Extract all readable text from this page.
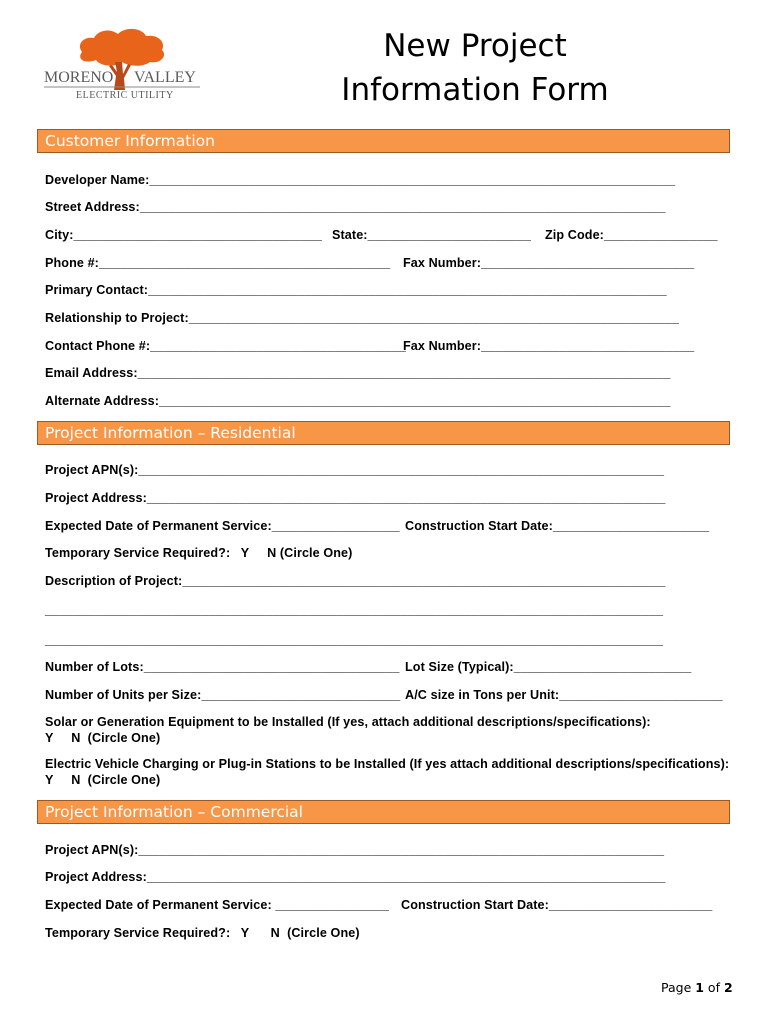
MORENO VALLEY
ELECTRIC UTILITY
New Project
Information Form
Customer Information
Developer Name:__________________________________________________________________________
Street Address:__________________________________________________________________________
City:___________________________________ State:_______________________ Zip Code:________________
Phone #:_________________________________________ Fax Number:______________________________
Primary Contact:_________________________________________________________________________
Relationship to Project:_____________________________________________________________________
Contact Phone #:____________________________________
Fax Number:______________________________
Email Address:___________________________________________________________________________
Alternate Address:________________________________________________________________________
Project Information – Residential
Project APN(s):__________________________________________________________________________
Project Address:_________________________________________________________________________
Expected Date of Permanent Service:__________________ Construction Start Date:______________________
Temporary Service Required?:   Y     N (Circle One)
Description of Project:____________________________________________________________________
_______________________________________________________________________________________
_______________________________________________________________________________________
Number of Lots:____________________________________ Lot Size (Typical):_________________________
Number of Units per Size:____________________________ A/C size in Tons per Unit:_______________________
Solar or Generation Equipment to be Installed (If yes, attach additional descriptions/specifications):
Y     N  (Circle One)
Electric Vehicle Charging or Plug-in Stations to be Installed (If yes attach additional descriptions/specifications):
Y     N  (Circle One)
Project Information – Commercial
Project APN(s):__________________________________________________________________________
Project Address:_________________________________________________________________________
Expected Date of Permanent Service: ________________ Construction Start Date:_______________________
Temporary Service Required?:   Y      N  (Circle One)
Page 1 of 2
